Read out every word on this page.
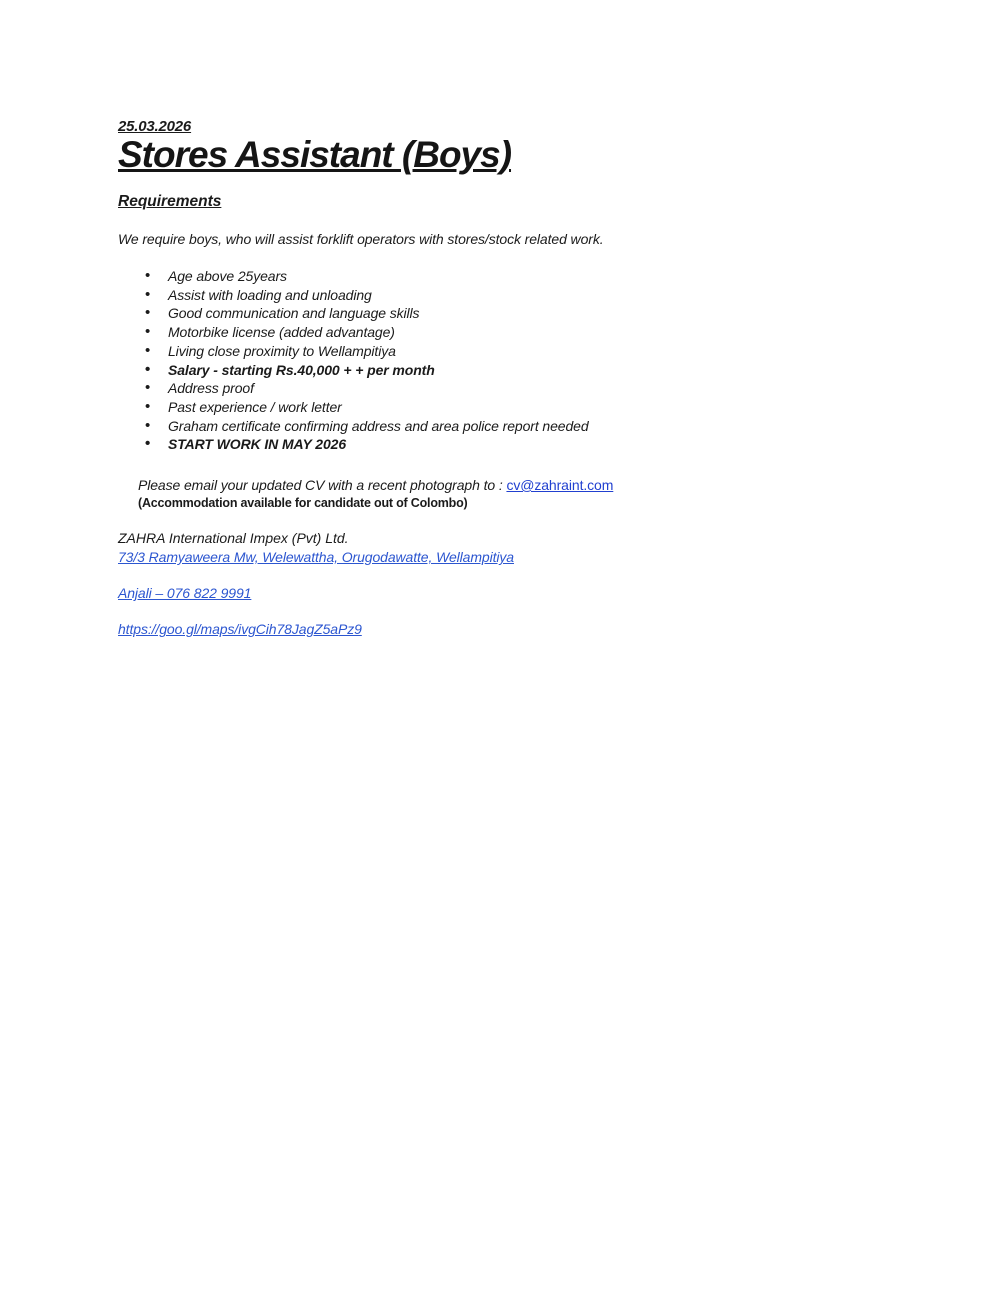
25.03.2026
Stores Assistant (Boys)
Requirements
We require boys, who will assist forklift operators with stores/stock related work.
• Age above 25years
• Assist with loading and unloading
• Good communication and language skills
• Motorbike license (added advantage)
• Living close proximity to Wellampitiya
• Salary - starting Rs.40,000 + + per month
• Address proof
• Past experience / work letter
• Graham certificate confirming address and area police report needed
• START WORK IN MAY 2026
Please email your updated CV with a recent photograph to : cv@zahraint.com
(Accommodation available for candidate out of Colombo)
ZAHRA International Impex (Pvt) Ltd.
73/3 Ramyaweera Mw, Welewattha, Orugodawatte, Wellampitiya
Anjali – 076 822 9991
https://goo.gl/maps/ivgCih78JagZ5aPz9
